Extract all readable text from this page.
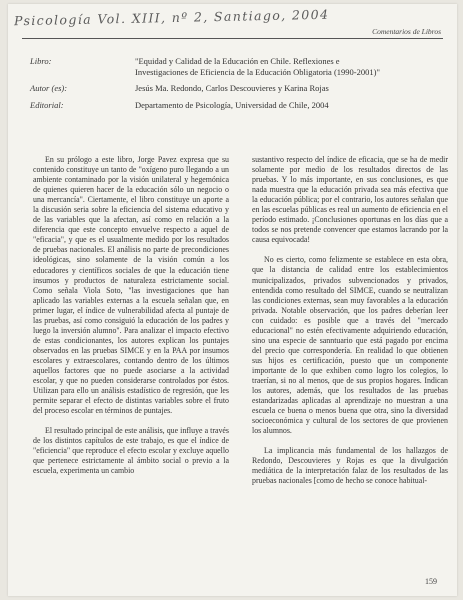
Psicología Vol. XIII, nº 2, Santiago, 2004
Comentarios de Libros
Libro:	"Equidad y Calidad de la Educación en Chile. Reflexiones e
Investigaciones de Eficiencia de la Educación Obligatoria (1990-2001)"
Autor (es):	Jesús Ma. Redondo, Carlos Descouvieres y Karina Rojas
Editorial:	Departamento de Psicología, Universidad de Chile, 2004

En su prólogo a este libro, Jorge Pavez expresa que su contenido constituye un tanto de "oxígeno puro llegando a un ambiente contaminado por la visión unilateral y hegemónica de quienes quieren hacer de la educación sólo un negocio o una mercancía". Ciertamente, el libro constituye un aporte a la discusión seria sobre la eficiencia del sistema educativo y de las variables que la afectan, así como en relación a la diferencia que este concepto envuelve respecto a aquel de "eficacia", y que es el usualmente medido por los resultados de pruebas nacionales. El análisis no parte de precondiciones ideológicas, sino solamente de la visión común a los educadores y científicos sociales de que la educación tiene insumos y productos de naturaleza estrictamente social. Como señala Viola Soto, "las investigaciones que han aplicado las variables externas a la escuela señalan que, en primer lugar, el índice de vulnerabilidad afecta al puntaje de las pruebas, así como consiguió la educación de los padres y luego la inversión alumno". Para analizar el impacto efectivo de estas condicionantes, los autores explican los puntajes observados en las pruebas SIMCE y en la PAA por insumos escolares y extraescolares, contando dentro de los últimos aquellos factores que no puede asociarse a la actividad escolar, y que no pueden considerarse controlados por éstos. Utilizan para ello un análisis estadístico de regresión, que les permite separar el efecto de distintas variables sobre el fruto del proceso escolar en términos de puntajes.

El resultado principal de este análisis, que influye a través de los distintos capítulos de este trabajo, es que el índice de "eficiencia" que reproduce el efecto escolar y excluye aquello que pertenece estrictamente al ámbito social o previo a la escuela, experimenta un cambio

sustantivo respecto del índice de eficacia, que se ha de medir solamente por medio de los resultados directos de las pruebas. Y lo más importante, en sus conclusiones, es que nada muestra que la educación privada sea más efectiva que la educación pública; por el contrario, los autores señalan que en las escuelas públicas es real un aumento de eficiencia en el período estimado. ¡Conclusiones oportunas en los días que a todos se nos pretende convencer que estamos lacrando por la causa equivocada!

No es cierto, como felizmente se establece en esta obra, que la distancia de calidad entre los establecimientos municipalizados, privados subvencionados y privados, entendida como resultado del SIMCE, cuando se neutralizan las condiciones externas, sean muy favorables a la educación privada. Notable observación, que los padres deberían leer con cuidado: es posible que a través del "mercado educacional" no estén efectivamente adquiriendo educación, sino una especie de sanntuario que está pagado por encima del precio que correspondería. En realidad lo que obtienen sus hijos es certificación, puesto que un componente importante de lo que exhiben como logro los colegios, lo traerían, si no al menos, que de sus propios hogares. Indican los autores, además, que los resultados de las pruebas estandarizadas aplicadas al aprendizaje no muestran a una escuela ce buena o menos buena que otra, sino la diversidad socioeconómica y cultural de los sectores de que provienen los alumnos.

La implicancia más fundamental de los hallazgos de Redondo, Descouvieres y Rojas es que la divulgación mediática de la interpretación falaz de los resultados de las pruebas nacionales [como de hecho se conoce habitual-

159
